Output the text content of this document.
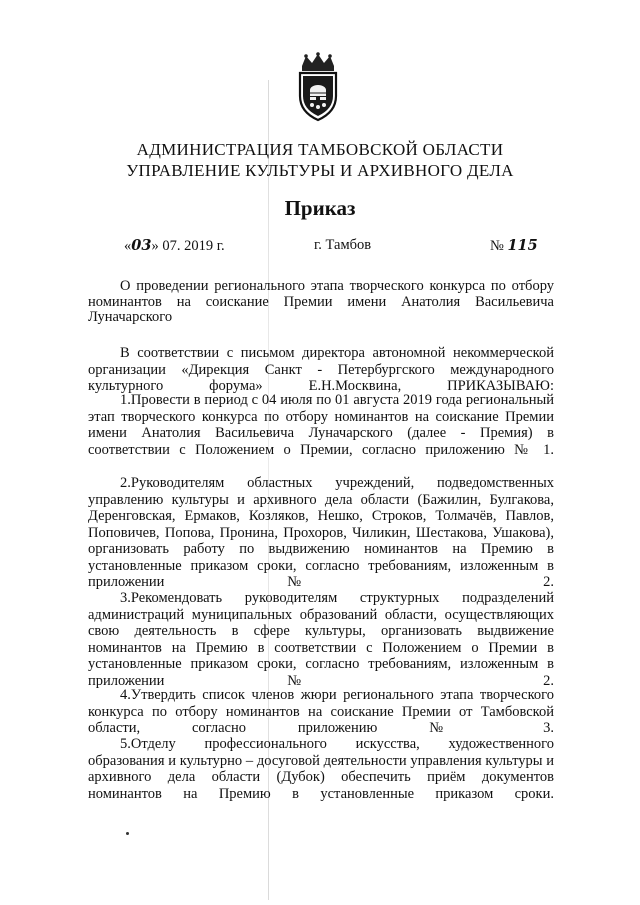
АДМИНИСТРАЦИЯ ТАМБОВСКОЙ ОБЛАСТИ
УПРАВЛЕНИЕ КУЛЬТУРЫ И АРХИВНОГО ДЕЛА
Приказ
«03» 07. 2019 г.	г. Тамбов	№ 115
О проведении регионального этапа творческого конкурса по отбору
номинантов на соискание Премии имени Анатолия Васильевича
Луначарского

В соответствии с письмом директора автономной некоммерческой организации «Дирекция Санкт - Петербургского международного культурного форума» Е.Н.Москвина, ПРИКАЗЫВАЮ:

1.Провести в период с 04 июля по 01 августа 2019 года региональный этап творческого конкурса по отбору номинантов на соискание Премии имени Анатолия Васильевича Луначарского (далее - Премия) в соответствии с Положением о Премии, согласно приложению № 1.

2.Руководителям областных учреждений, подведомственных управлению культуры и архивного дела области (Бажилин, Булгакова, Деренговская, Ермаков, Козляков, Нешко, Строков, Толмачёв, Павлов, Поповичев, Попова, Пронина, Прохоров, Чиликин, Шестакова, Ушакова), организовать работу по выдвижению номинантов на Премию в установленные приказом сроки, согласно требованиям, изложенным в приложении № 2.

3.Рекомендовать руководителям структурных подразделений администраций муниципальных образований области, осуществляющих свою деятельность в сфере культуры, организовать выдвижение номинантов на Премию в соответствии с Положением о Премии в установленные приказом сроки, согласно требованиям, изложенным в приложении № 2.

4.Утвердить список членов жюри регионального этапа творческого конкурса по отбору номинантов на соискание Премии от Тамбовской области, согласно приложению № 3.

5.Отделу профессионального искусства, художественного образования и культурно – досуговой деятельности управления культуры и архивного дела области (Дубок) обеспечить приём документов номинантов на Премию в установленные приказом сроки.
